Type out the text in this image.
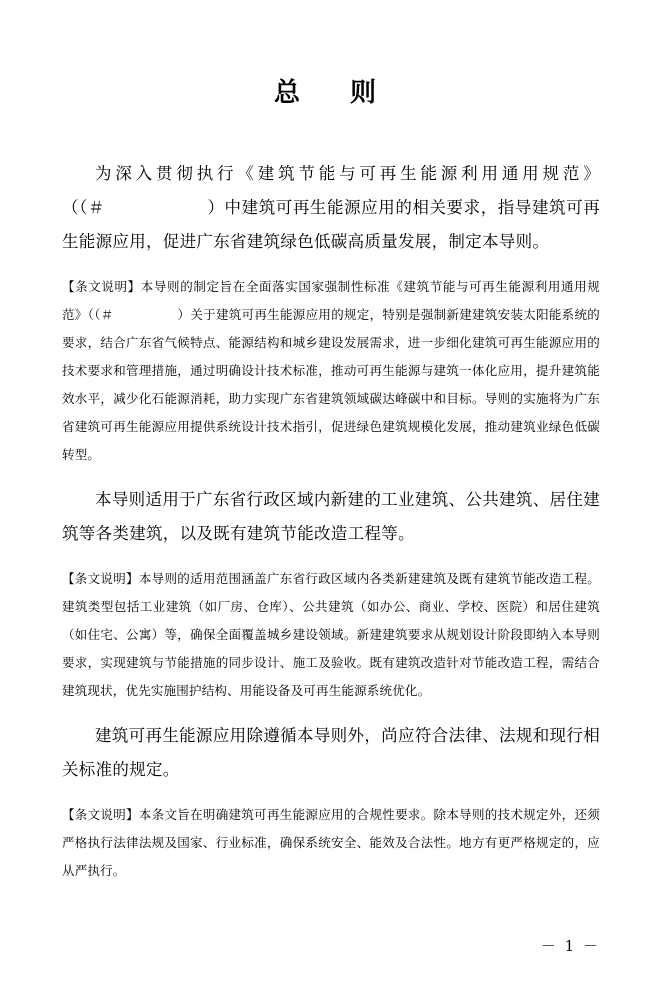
总　则

为深入贯彻执行《建筑节能与可再生能源利用通用规范》（（＃　　　　　　）中建筑可再生能源应用的相关要求，指导建筑可再生能源应用，促进广东省建筑绿色低碳高质量发展，制定本导则。

【条文说明】本导则的制定旨在全面落实国家强制性标准《建筑节能与可再生能源利用通用规范》（（＃　　　　　）关于建筑可再生能源应用的规定，特别是强制新建建筑安装太阳能系统的要求，结合广东省气候特点、能源结构和城乡建设发展需求，进一步细化建筑可再生能源应用的技术要求和管理措施，通过明确设计技术标准，推动可再生能源与建筑一体化应用，提升建筑能效水平，减少化石能源消耗，助力实现广东省建筑领域碳达峰碳中和目标。导则的实施将为广东省建筑可再生能源应用提供系统设计技术指引，促进绿色建筑规模化发展，推动建筑业绿色低碳转型。

本导则适用于广东省行政区域内新建的工业建筑、公共建筑、居住建筑等各类建筑，以及既有建筑节能改造工程等。

【条文说明】本导则的适用范围涵盖广东省行政区域内各类新建建筑及既有建筑节能改造工程。建筑类型包括工业建筑（如厂房、仓库）、公共建筑（如办公、商业、学校、医院）和居住建筑（如住宅、公寓）等，确保全面覆盖城乡建设领域。新建建筑要求从规划设计阶段即纳入本导则要求，实现建筑与节能措施的同步设计、施工及验收。既有建筑改造针对节能改造工程，需结合建筑现状，优先实施围护结构、用能设备及可再生能源系统优化。

建筑可再生能源应用除遵循本导则外，尚应符合法律、法规和现行相关标准的规定。

【条文说明】本条文旨在明确建筑可再生能源应用的合规性要求。除本导则的技术规定外，还须严格执行法律法规及国家、行业标准，确保系统安全、能效及合法性。地方有更严格规定的，应从严执行。

－ 1 －
